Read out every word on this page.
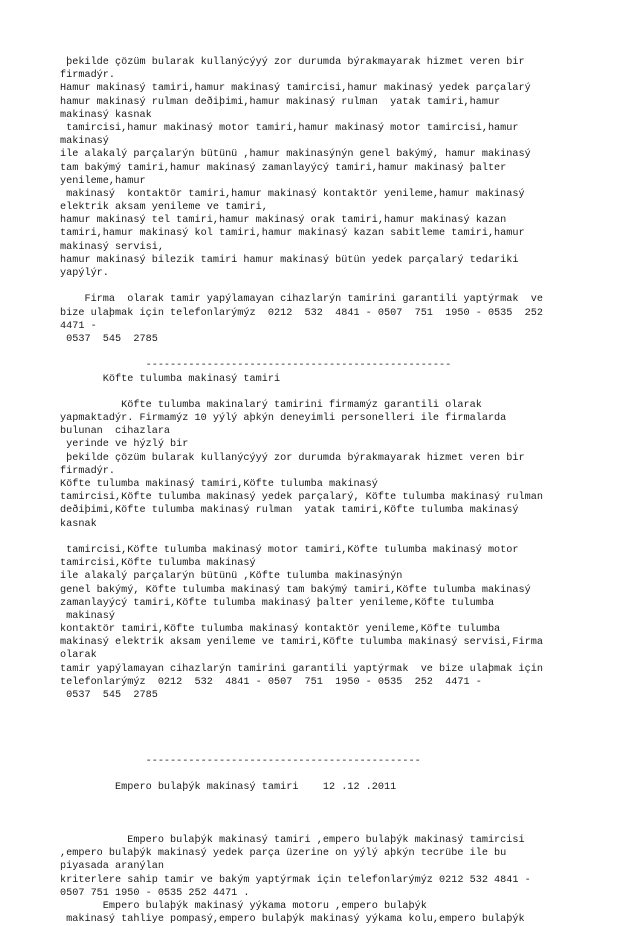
þekilde çözüm bularak kullanýcýyý zor durumda býrakmayarak hizmet veren bir
firmadýr.
Hamur makinasý tamiri,hamur makinasý tamircisi,hamur makinasý yedek parçalarý
hamur makinasý rulman deðiþimi,hamur makinasý rulman  yatak tamiri,hamur
makinasý kasnak
tamircisi,hamur makinasý motor tamiri,hamur makinasý motor tamircisi,hamur
makinasý
ile alakalý parçalarýn bütünü ,hamur makinasýnýn genel bakýmý, hamur makinasý
tam bakýmý tamiri,hamur makinasý zamanlayýcý tamiri,hamur makinasý þalter
yenileme,hamur
makinasý  kontaktör tamiri,hamur makinasý kontaktör yenileme,hamur makinasý
elektrik aksam yenileme ve tamiri,
hamur makinasý tel tamiri,hamur makinasý orak tamiri,hamur makinasý kazan
tamiri,hamur makinasý kol tamiri,hamur makinasý kazan sabitleme tamiri,hamur
makinasý servisi,
hamur makinasý bilezik tamiri hamur makinasý bütün yedek parçalarý tedariki
yapýlýr.
Firma  olarak tamir yapýlamayan cihazlarýn tamirini garantili yaptýrmak  ve
bize ulaþmak için telefonlarýmýz  0212  532  4841 - 0507  751  1950 - 0535  252
4471 -
0537  545  2785
--------------------------------------------------
Köfte tulumba makinasý tamiri
Köfte tulumba makinalarý tamirini firmamýz garantili olarak
yapmaktadýr. Firmamýz 10 yýlý aþkýn deneyimli personelleri ile firmalarda
bulunan  cihazlara
yerinde ve hýzlý bir
þekilde çözüm bularak kullanýcýyý zor durumda býrakmayarak hizmet veren bir
firmadýr.
Köfte tulumba makinasý tamiri,Köfte tulumba makinasý
tamircisi,Köfte tulumba makinasý yedek parçalarý, Köfte tulumba makinasý rulman
deðiþimi,Köfte tulumba makinasý rulman  yatak tamiri,Köfte tulumba makinasý
kasnak
tamircisi,Köfte tulumba makinasý motor tamiri,Köfte tulumba makinasý motor
tamircisi,Köfte tulumba makinasý
ile alakalý parçalarýn bütünü ,Köfte tulumba makinasýnýn
genel bakýmý, Köfte tulumba makinasý tam bakýmý tamiri,Köfte tulumba makinasý
zamanlayýcý tamiri,Köfte tulumba makinasý þalter yenileme,Köfte tulumba
makinasý
kontaktör tamiri,Köfte tulumba makinasý kontaktör yenileme,Köfte tulumba
makinasý elektrik aksam yenileme ve tamiri,Köfte tulumba makinasý servisi,Firma
olarak
tamir yapýlamayan cihazlarýn tamirini garantili yaptýrmak  ve bize ulaþmak için
telefonlarýmýz  0212  532  4841 - 0507  751  1950 - 0535  252  4471 -
0537  545  2785
---------------------------------------------
Empero bulaþýk makinasý tamiri    12 .12 .2011
Empero bulaþýk makinasý tamiri ,empero bulaþýk makinasý tamircisi
,empero bulaþýk makinasý yedek parça üzerine on yýlý aþkýn tecrübe ile bu
piyasada aranýlan
kriterlere sahip tamir ve bakým yaptýrmak için telefonlarýmýz 0212 532 4841 -
0507 751 1950 - 0535 252 4471 .
Empero bulaþýk makinasý yýkama motoru ,empero bulaþýk
makinasý tahliye pompasý,empero bulaþýk makinasý yýkama kolu,empero bulaþýk
